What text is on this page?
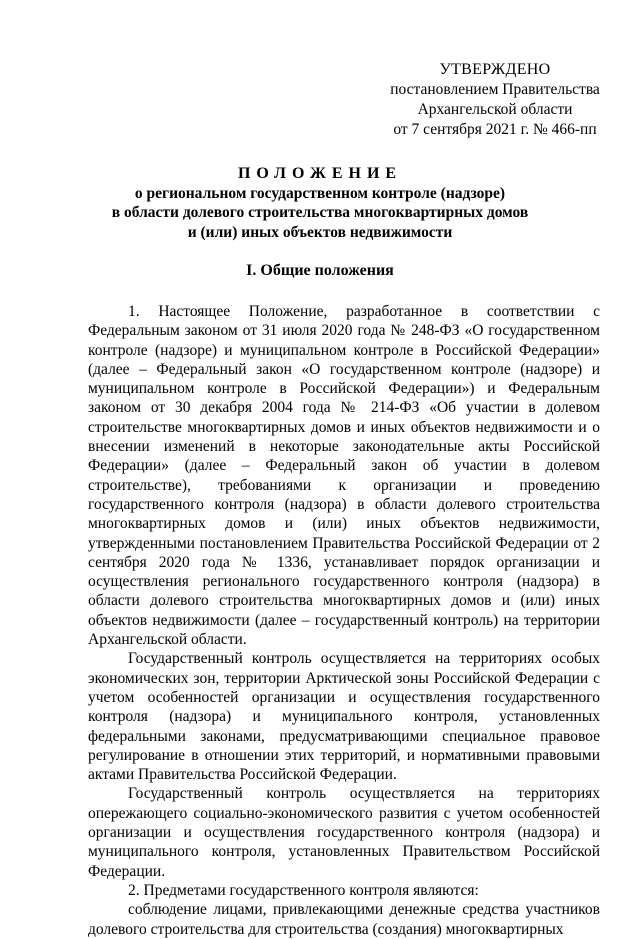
УТВЕРЖДЕНО
постановлением Правительства
Архангельской области
от 7 сентября 2021 г. № 466-пп
ПОЛОЖЕНИЕ
о региональном государственном контроле (надзоре)
в области долевого строительства многоквартирных домов
и (или) иных объектов недвижимости
I. Общие положения

1. Настоящее Положение, разработанное в соответствии с Федеральным законом от 31 июля 2020 года № 248-ФЗ «О государственном контроле (надзоре) и муниципальном контроле в Российской Федерации» (далее – Федеральный закон «О государственном контроле (надзоре) и муниципальном контроле в Российской Федерации») и Федеральным законом от 30 декабря 2004 года № 214-ФЗ «Об участии в долевом строительстве многоквартирных домов и иных объектов недвижимости и о внесении изменений в некоторые законодательные акты Российской Федерации» (далее – Федеральный закон об участии в долевом строительстве), требованиями к организации и проведению государственного контроля (надзора) в области долевого строительства многоквартирных домов и (или) иных объектов недвижимости, утвержденными постановлением Правительства Российской Федерации от 2 сентября 2020 года № 1336, устанавливает порядок организации и осуществления регионального государственного контроля (надзора) в области долевого строительства многоквартирных домов и (или) иных объектов недвижимости (далее – государственный контроль) на территории Архангельской области.

Государственный контроль осуществляется на территориях особых экономических зон, территории Арктической зоны Российской Федерации с учетом особенностей организации и осуществления государственного контроля (надзора) и муниципального контроля, установленных федеральными законами, предусматривающими специальное правовое регулирование в отношении этих территорий, и нормативными правовыми актами Правительства Российской Федерации.

Государственный контроль осуществляется на территориях опережающего социально-экономического развития с учетом особенностей организации и осуществления государственного контроля (надзора) и муниципального контроля, установленных Правительством Российской Федерации.

2. Предметами государственного контроля являются:

соблюдение лицами, привлекающими денежные средства участников долевого строительства для строительства (создания) многоквартирных
